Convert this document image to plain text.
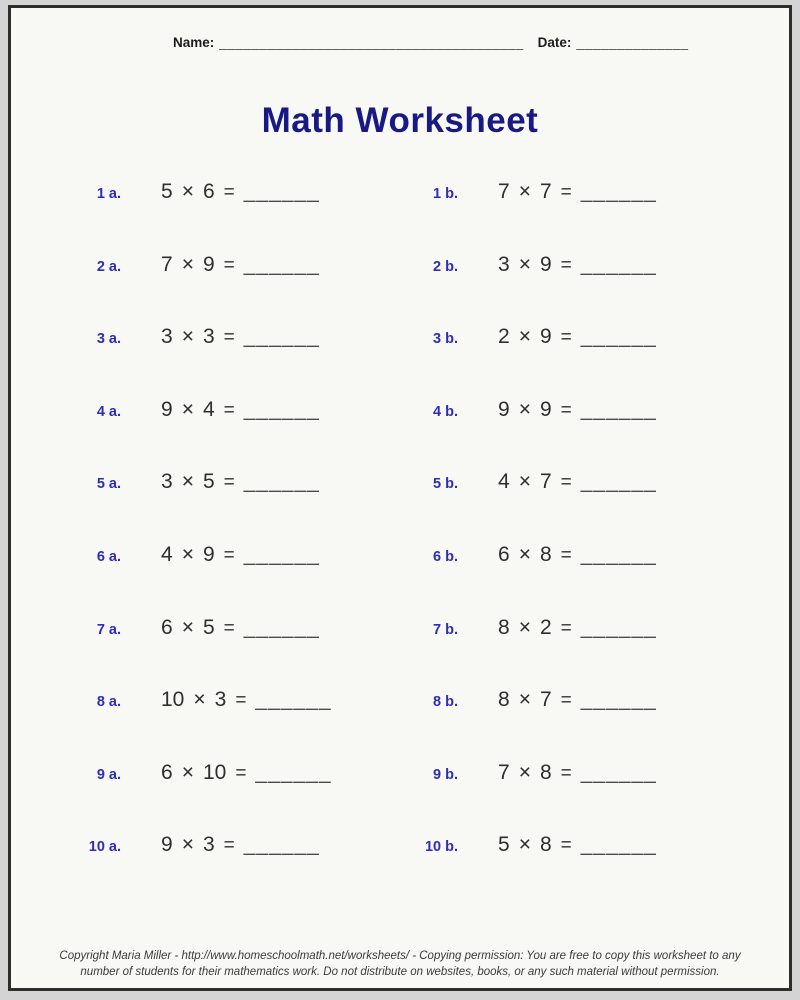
Name: ______________________________________ Date: ______________
Math Worksheet
1 a. 5 × 6 = ______	1 b. 7 × 7 = ______
2 a. 7 × 9 = ______	2 b. 3 × 9 = ______
3 a. 3 × 3 = ______	3 b. 2 × 9 = ______
4 a. 9 × 4 = ______	4 b. 9 × 9 = ______
5 a. 3 × 5 = ______	5 b. 4 × 7 = ______
6 a. 4 × 9 = ______	6 b. 6 × 8 = ______
7 a. 6 × 5 = ______	7 b. 8 × 2 = ______
8 a. 10 × 3 = ______	8 b. 8 × 7 = ______
9 a. 6 × 10 = ______	9 b. 7 × 8 = ______
10 a. 9 × 3 = ______	10 b. 5 × 8 = ______
Copyright Maria Miller - http://www.homeschoolmath.net/worksheets/ - Copying permission: You are free to copy this worksheet to any
number of students for their mathematics work. Do not distribute on websites, books, or any such material without permission.
